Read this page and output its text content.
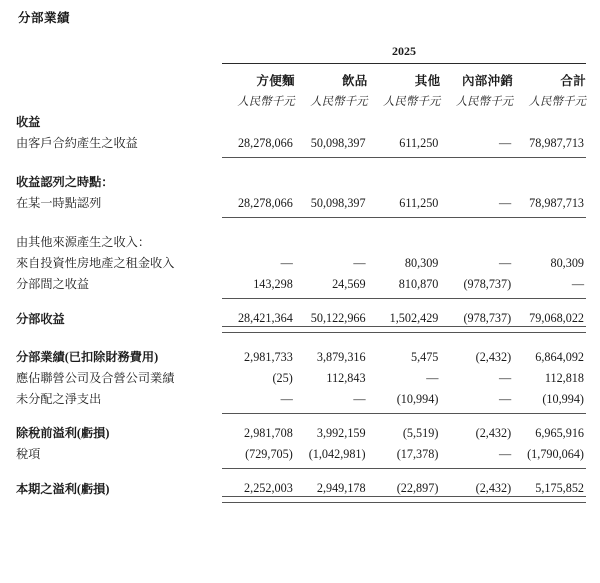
分部業績
	2025				

	方便麵	飲品	其他	內部沖銷	合計
	人民幣千元	人民幣千元	人民幣千元	人民幣千元	人民幣千元
收益					
由客戶合約產生之收益	28,278,066	50,098,397	611,250	—	78,987,713

收益認列之時點：					
在某一時點認列	28,278,066	50,098,397	611,250	—	78,987,713

由其他來源產生之收入：					
來自投資性房地產之租金收入	—	—	80,309	—	80,309
分部間之收益	143,298	24,569	810,870	(978,737)	—

分部收益	28,421,364	50,122,966	1,502,429	(978,737)	79,068,022

分部業績(已扣除財務費用)	2,981,733	3,879,316	5,475	(2,432)	6,864,092
應佔聯營公司及合營公司業績	(25)	112,843	—	—	112,818
未分配之淨支出	—	—	(10,994)	—	(10,994)

除稅前溢利(虧損)	2,981,708	3,992,159	(5,519)	(2,432)	6,965,916
稅項	(729,705)	(1,042,981)	(17,378)	—	(1,790,064)

本期之溢利(虧損)	2,252,003	2,949,178	(22,897)	(2,432)	5,175,852
